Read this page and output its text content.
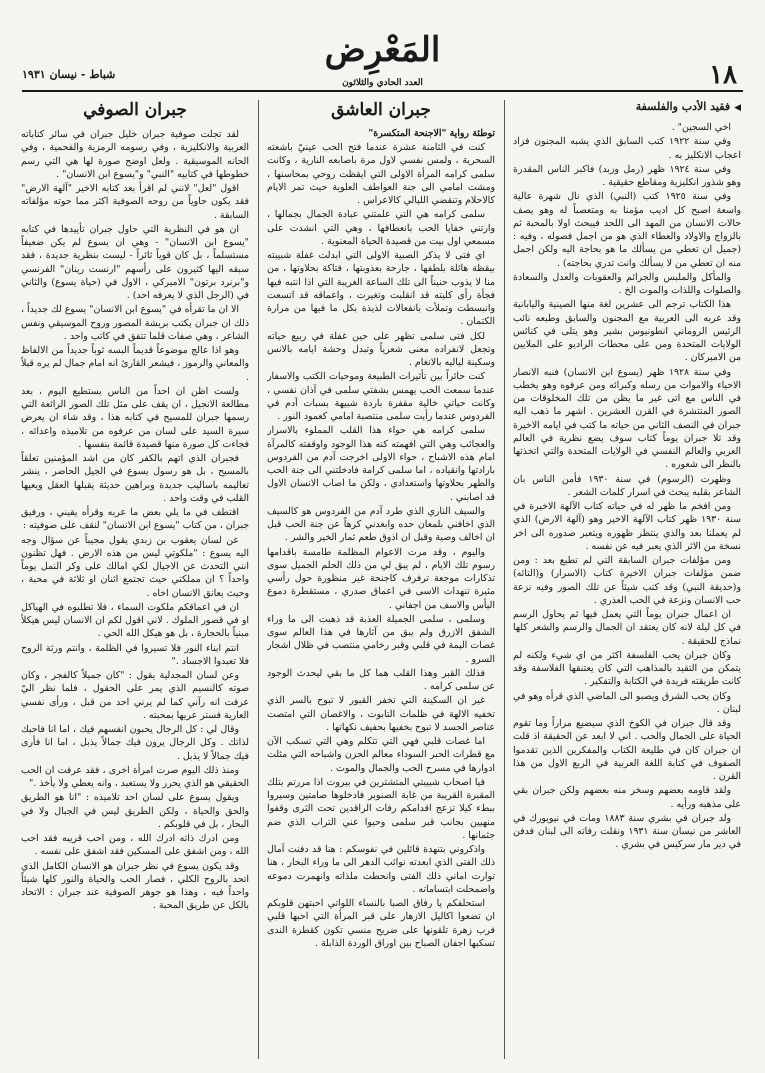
١٨
المَعْرِض
العدد الحادي والثلاثون
شباط - نيسان ١٩٣١
◀فقيد الأدب والفلسفة

اخي السجين" .

وفي سنة ١٩٢٢ كتب السابق الذي يشبه المجنون فزاد اعجاب الانكليز به .

وفي سنة ١٩٢٤ ظهر (رمل وزبد) فاكبر الناس المقدرة وهو شذور انكليزية ومقاطع حقيقية .

وفي سنة ١٩٢٥ كتب (النبي) الذي نال شهرة عالية واسعة اصبح كل اديب مؤمنا به ومتعصباً له وهو يصف حالات الانسان من المهد الى اللحد فيبحث اولا بالمحبة ثم بالزواج والاولاد والعطاء الذي هو من اجمل فصوله ، وفيه : (جميل ان تعطي من يسألك ما هو بحاجة اليه ولكن اجمل منه ان تعطي من لا يسألك وانت تدري بحاجته) .

والمأكل والملبس والجرائم والعقوبات والعدل والسعادة والصلوات واللذات والموت الخ .

هذا الكتاب ترجم الى عشرين لغة منها الصينية واليابانية وقد عربه الى العربية مع المجنون والسابق وطبعه نائب الرئيس الروماني انطونيوس بشير وهو يتلى في كنائس الولايات المتحدة ومن على محطات الراديو على الملايين من الاميركان .

وفي سنة ١٩٢٨ ظهر (يسوع ابن الانسان) فنبه الانصار الاحياء والاموات من رسله وكبرائه ومن عرفوه وهو يخطب في الناس مع اتى غير ما يظن من تلك المخلوقات من الصور المنتشرة في القرن العشرين . اشهر ما ذهب اليه جبران في النصف الثاني من حياته ما كتب في ايامه الاخيرة وقد تلا جبران يوماً كتاب سوف يضع نظرية في العالم العربي والعالم النفسي في الولايات المتحدة والتي اتخذتها بالنظر الى شعوره .

وظهرت (الرسوم) في سنة ١٩٣٠ فأمن الناس بان الشاعر بقلبه يبحث في اسرار كلمات الشعر .

ومن افخم ما ظهر له في حياته كتاب الآلهة الاخيرة في سنة ١٩٣٠ ظهر كتاب الآلهة الاخير وهو (آلهة الارض) الذي لم يعملنا بعد والذي ينتظر ظهوره ويتعبر صدوره الى اخر نسخة من الاثر الذي يعبر فيه عن نفسه .

ومن مؤلفات جبران السابقة التي لم تطبع بعد : ومن ضمن مؤلفات جبران الاخيرة كتاب (الاسرار) و(التائه) و(حديقة النبي) وقد كتب شيئاً عن تلك الصور وفيه نزعة حب الانسان ونزعة في الحب العذري .

ان اعمال جبران يوماً التي يعمل فيها ثم يحاول الرسم في كل ليلة لانه كان يعتقد ان الجمال والرسم والشعر كلها نماذج للحقيقة .

وكان جبران يحب الفلسفة اكثر من اي شيء ولكنه لم يتمكن من التقيد بالمذاهب التي كان يعتنقها الفلاسفة وقد كانت طريقته فريدة في الكتابة والتفكير .

وكان يحب الشرق ويصبو الى الماضي الذي قرأه وهو في لبنان .

وقد قال جبران في الكوخ الذي سيضيع مراراً وما تقوم الحياة على الجمال والحب . اني لا ابعد عن الحقيقة اذ قلت ان جبران كان في طليعة الكتاب والمفكرين الذين تقدموا الصفوف في كتابة اللغة العربية في الربع الاول من هذا القرن .

ولقد قاومه بعضهم وسخر منه بعضهم ولكن جبران بقي على مذهبه ورأيه .

ولد جبران في بشري سنة ١٨٨٣ ومات في نيويورك في العاشر من نيسان سنة ١٩٣١ ونقلت رفاته الى لبنان فدفن في دير مار سركيس في بشري .

جبران العاشق
توطئة رواية "الاجنحة المتكسرة"

كنت في الثامنة عشرة عندما فتح الحب عينيّ باشعته السحرية ، ولمس نفسي لاول مرة باصابعه النارية ، وكانت سلمى كرامه المرأة الاولى التي ايقظت روحي بمحاسنها ، ومشت امامي الى جنة العواطف العلوية حيث تمر الايام كالاحلام وتنقضي الليالي كالاعراس .

سلمى كرامه هي التي علمتني عبادة الجمال بجمالها ، وارتني خفايا الحب بانعطافها ، وهي التي انشدت على مسمعي اول بيت من قصيدة الحياة المعنوية .

اي فتى لا يذكر الصبية الاولى التي ابدلت غفلة شبيبته بيقظة هائلة بلطفها ، جارحة بعذوبتها ، فتاكة بحلاوتها ، من منا لا يذوب حنيناً الى تلك الساعة الغريبة التي اذا انتبه فيها فجأة رأى كليته قد انقلبت وتغيرت ، واعماقه قد اتسعت وانبسطت وتملأت بانفعالات لذيذة بكل ما فيها من مرارة الكتمان .

لكل فتى سلمى تظهر على حين غفلة في ربيع حياته وتجعل لانفراده معنى شعرياً وتبدل وحشة ايامه بالانس وسكينة لياليه بالانغام .

كنت حائراً بين تأثيرات الطبيعة وموحيات الكتب والاسفار عندما سمعت الحب يهمس بشفتي سلمى في آذان نفسي ، وكانت حياتي خالية مقفرة باردة شبيهة بسبات آدم في الفردوس عندما رأيت سلمى منتصبة امامي كعمود النور .

سلمى كرامه هي حواء هذا القلب المملوء بالاسرار والعجائب وهي التي افهمته كنه هذا الوجود واوقفته كالمرآة امام هذه الاشباح ، حواء الاولى اخرجت آدم من الفردوس بارادتها وانقياده ، اما سلمى كرامة فادخلتني الى جنة الحب والطهر بحلاوتها واستعدادي ، ولكن ما اصاب الانسان الاول قد اصابني .

والسيف الناري الذي طرد آدم من الفردوس هو كالسيف الذي اخافني بلمعان حده وابعدني كرهاً عن جنة الحب قبل ان اخالف وصية وقبل ان اذوق طعم ثمار الخير والشر .

واليوم ، وقد مرت الاعوام المظلمة طامسة باقدامها رسوم تلك الايام ، لم يبق لي من ذلك الحلم الجميل سوى تذكارات موجعة ترفرف كاجنحة غير منظورة حول رأسي مثيرة تنهدات الاسى في اعماق صدري ، مستقطرة دموع اليأس والاسف من اجفاني .

وسلمى ، سلمى الجميلة العذبة قد ذهبت الى ما وراء الشفق الازرق ولم يبق من آثارها في هذا العالم سوى غصات اليمة في قلبي وقبر رخامي منتصب في ظلال اشجار السرو .

فذلك القبر وهذا القلب هما كل ما بقي ليحدث الوجود عن سلمى كرامه .

غير ان السكينة التي تخفر القبور لا تبوح بالسر الذي تخفيه الالهة في ظلمات التابوت ، والاغصان التي امتصت عناصر الجسد لا تبوح بخفيها بحفيف نكهاتها .

اما غصات قلبي فهي التي تتكلم وهي التي تسكب الآن مع قطرات الحبر السوداء معالم الحزن واشباحه التي مثلت ادوارها في مسرح الحب والجمال والموت .

فيا اصحاب شبيبتي المتشترين في بيروت اذا مررتم بتلك المقبرة القريبة من غابة الصنوبر فادخلوها صامتين وسيروا ببطء كيلا تزعج اقدامكم رفات الراقدين تحت الثرى وقفوا منهيين بجانب قبر سلمى وحيوا عني التراب الذي ضم جثمانها .

واذكروني بتنهدة قائلين في نفوسكم : هنا قد دفنت آمال ذلك الفتى الذي ابعدته نوائب الدهر الى ما وراء البحار ، هنا توارت اماني ذلك الفتى وانحطت ملذاته وانهمرت دموعه واضمحلت ابتساماته .

استحلفكم يا رفاق الصبا بالنساء اللواتي احبتهن قلوبكم ان تضعوا اكاليل الازهار على قبر المرأة التي احبها قلبي فرب زهرة تلقونها على ضريح منسي تكون كقطرة الندى تسكبها اجفان الصباح بين اوراق الوردة الذابلة .

جبران الصوفي

لقد تجلت صوفية جبران خليل جبران في سائر كتاباته العربية والانكليزية ، وفي رسومه الرمزية والفحمية ، وفي الحانه الموسيقية . ولعل اوضح صورة لها هي التي رسم خطوطها في كتابيه "النبي" و"يسوع ابن الانسان" .

اقول "لعل" لانني لم اقرأ بعد كتابه الاخير "آلهة الارض" فقد يكون حاوياً من روحه الصوفية اكثر مما حوته مؤلفاته السابقة .

ان هو في النظرية التي حاول جبران تأييدها في كتابه "يسوع ابن الانسان" - وهي ان يسوع لم يكن ضعيفاً مستسلماً ، بل كان قوياً ثائراً - ليست بنظرية جديدة ، فقد سبقه اليها كثيرون على رأسهم "ارنست رينان" الفرنسي و"برنرد برتون" الاميركي ، الاول في (حياة يسوع) والثاني في (الرجل الذي لا يعرفه احد) .

الا ان ما تقرأه في "يسوع ابن الانسان" يسوع لك جديداً ، ذلك ان جبران يكتب بريشة المصور وروح الموسيقي ونفس الشاعر ، وهي صفات قلما تتفق في كاتب واحد .

وهو اذا عالج موضوعاً قديماً البسه ثوباً جديداً من الالفاظ والمعاني والرموز ، فيشعر القارئ انه امام جمال لم يره قبلاً .

ولست اظن ان احداً من الناس يستطيع اليوم ، بعد مطالعة الانجيل ، ان يقف على مثل تلك الصور الرائعة التي رسمها جبران للمسيح في كتابه هذا ، وقد شاء ان يعرض سيرة السيد على لسان من عرفوه من تلاميذه واعدائه ، فجاءت كل صورة منها قصيدة قائمة بنفسها .

فجبران الذي اتهم بالكفر كان من اشد المؤمنين تعلقاً بالمسيح ، بل هو رسول يسوع في الجيل الحاضر ، ينشر تعاليمه باساليب جديدة وبراهين حديثة يقبلها العقل ويعيها القلب في وقت واحد .

اقتطف في ما يلي بعض ما عربه وقرأه يقيني ، ورفيق جبران ، من كتاب "يسوع ابن الانسان" لنقف على صوفيته :

عن لسان يعقوب بن زبدي يقول مجيباً عن سؤال وجه اليه يسوع : "ملكوتي ليس من هذه الارض . فهل تظنون انني التحدث عن الاجيال لكي امالك على وكر النمل يوماً واحداً ؟ ان مملكتي حيث تجتمع اثنان او ثلاثة في محبة ، وحيث يعانق الانسان اخاه .

ان في اعماقكم ملكوت السماء ، فلا تطلبوه في الهياكل او في قصور الملوك . لاني اقول لكم ان الانسان ليس هيكلاً مبنياً بالحجارة ، بل هو هيكل الله الحي .

انتم ابناء النور فلا تسيروا في الظلمة ، وانتم ورثة الروح فلا تعبدوا الاجساد ."

وعن لسان المجدلية يقول : "كان جميلاً كالفجر ، وكان صوته كالنسيم الذي يمر على الحقول ، فلما نظر اليّ عرفت انه رآني كما لم يرني احد من قبل ، ورأى نفسي العارية فستر عريها بمحبته .

وقال لي : كل الرجال يحبون انفسهم فيك ، اما انا فاحبك لذاتك . وكل الرجال يرون فيك جمالاً يذبل ، اما انا فأرى فيك جمالاً لا يذبل .

ومنذ ذلك اليوم صرت امرأة اخرى ، فقد عرفت ان الحب الحقيقي هو الذي يحرر ولا يستعبد ، وانه يعطي ولا يأخذ ."

ويقول يسوع على لسان احد تلاميذه : "انا هو الطريق والحق والحياة ، ولكن الطريق ليس في الجبال ولا في البحار ، بل في قلوبكم .

ومن ادرك ذاته ادرك الله ، ومن احب قريبه فقد احب الله ، ومن اشفق على المسكين فقد اشفق على نفسه .

وقد يكون يسوع في نظر جبران هو الانسان الكامل الذي اتحد بالروح الكلي ، فصار الحب والحياة والنور كلها شيئاً واحداً فيه ، وهذا هو جوهر الصوفية عند جبران : الاتحاد بالكل عن طريق المحبة .
